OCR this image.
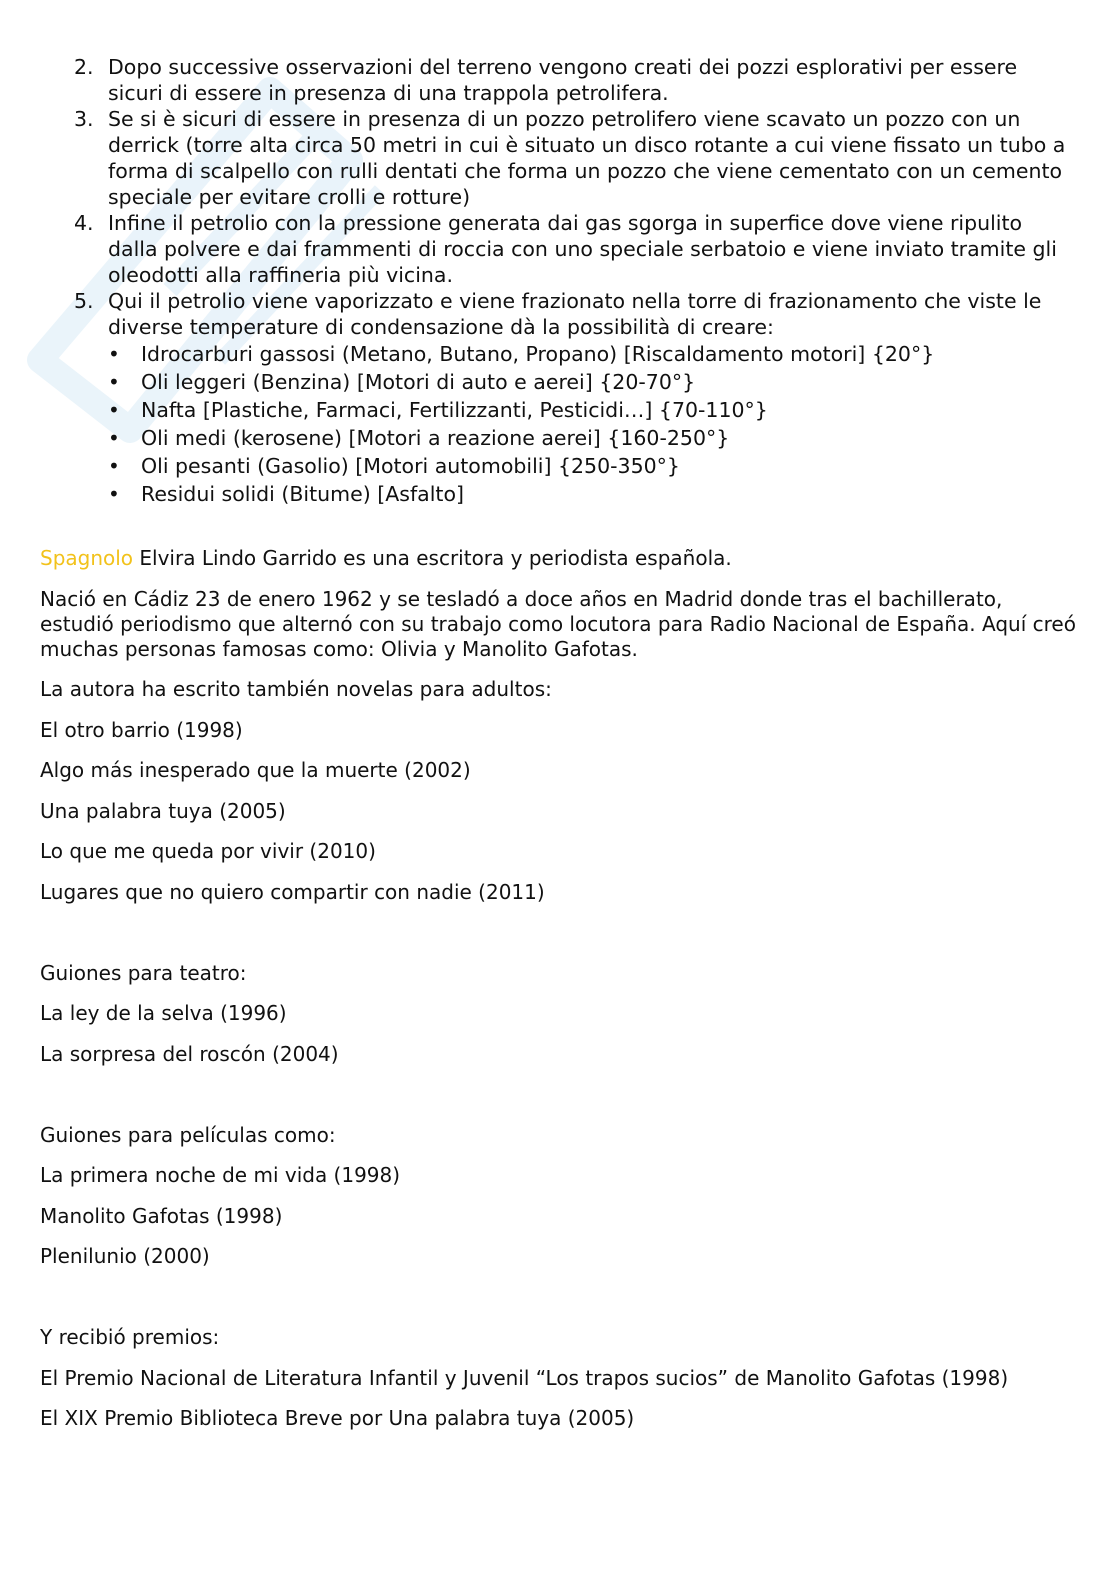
2. Dopo successive osservazioni del terreno vengono creati dei pozzi esplorativi per essere sicuri di essere in presenza di una trappola petrolifera.
3. Se si è sicuri di essere in presenza di un pozzo petrolifero viene scavato un pozzo con un derrick (torre alta circa 50 metri in cui è situato un disco rotante a cui viene fissato un tubo a forma di scalpello con rulli dentati che forma un pozzo che viene cementato con un cemento speciale per evitare crolli e rotture)
4. Infine il petrolio con la pressione generata dai gas sgorga in superfice dove viene ripulito dalla polvere e dai frammenti di roccia con uno speciale serbatoio e viene inviato tramite gli oleodotti alla raffineria più vicina.
5. Qui il petrolio viene vaporizzato e viene frazionato nella torre di frazionamento che viste le diverse temperature di condensazione dà la possibilità di creare:
• Idrocarburi gassosi (Metano, Butano, Propano) [Riscaldamento motori] {20°}
• Oli leggeri (Benzina) [Motori di auto e aerei] {20-70°}
• Nafta [Plastiche, Farmaci, Fertilizzanti, Pesticidi…] {70-110°}
• Oli medi (kerosene) [Motori a reazione aerei] {160-250°}
• Oli pesanti (Gasolio) [Motori automobili] {250-350°}
• Residui solidi (Bitume) [Asfalto]

Spagnolo Elvira Lindo Garrido es una escritora y periodista española.

Nació en Cádiz 23 de enero 1962 y se tesladó a doce años en Madrid donde tras el bachillerato, estudió periodismo que alternó con su trabajo como locutora para Radio Nacional de España. Aquí creó muchas personas famosas como: Olivia y Manolito Gafotas.

La autora ha escrito también novelas para adultos:

El otro barrio (1998)

Algo más inesperado que la muerte (2002)

Una palabra tuya (2005)

Lo que me queda por vivir (2010)

Lugares que no quiero compartir con nadie (2011)

Guiones para teatro:

La ley de la selva (1996)

La sorpresa del roscón (2004)

Guiones para películas como:

La primera noche de mi vida (1998)

Manolito Gafotas (1998)

Plenilunio (2000)

Y recibió premios:

El Premio Nacional de Literatura Infantil y Juvenil “Los trapos sucios” de Manolito Gafotas (1998)

El XIX Premio Biblioteca Breve por Una palabra tuya (2005)
